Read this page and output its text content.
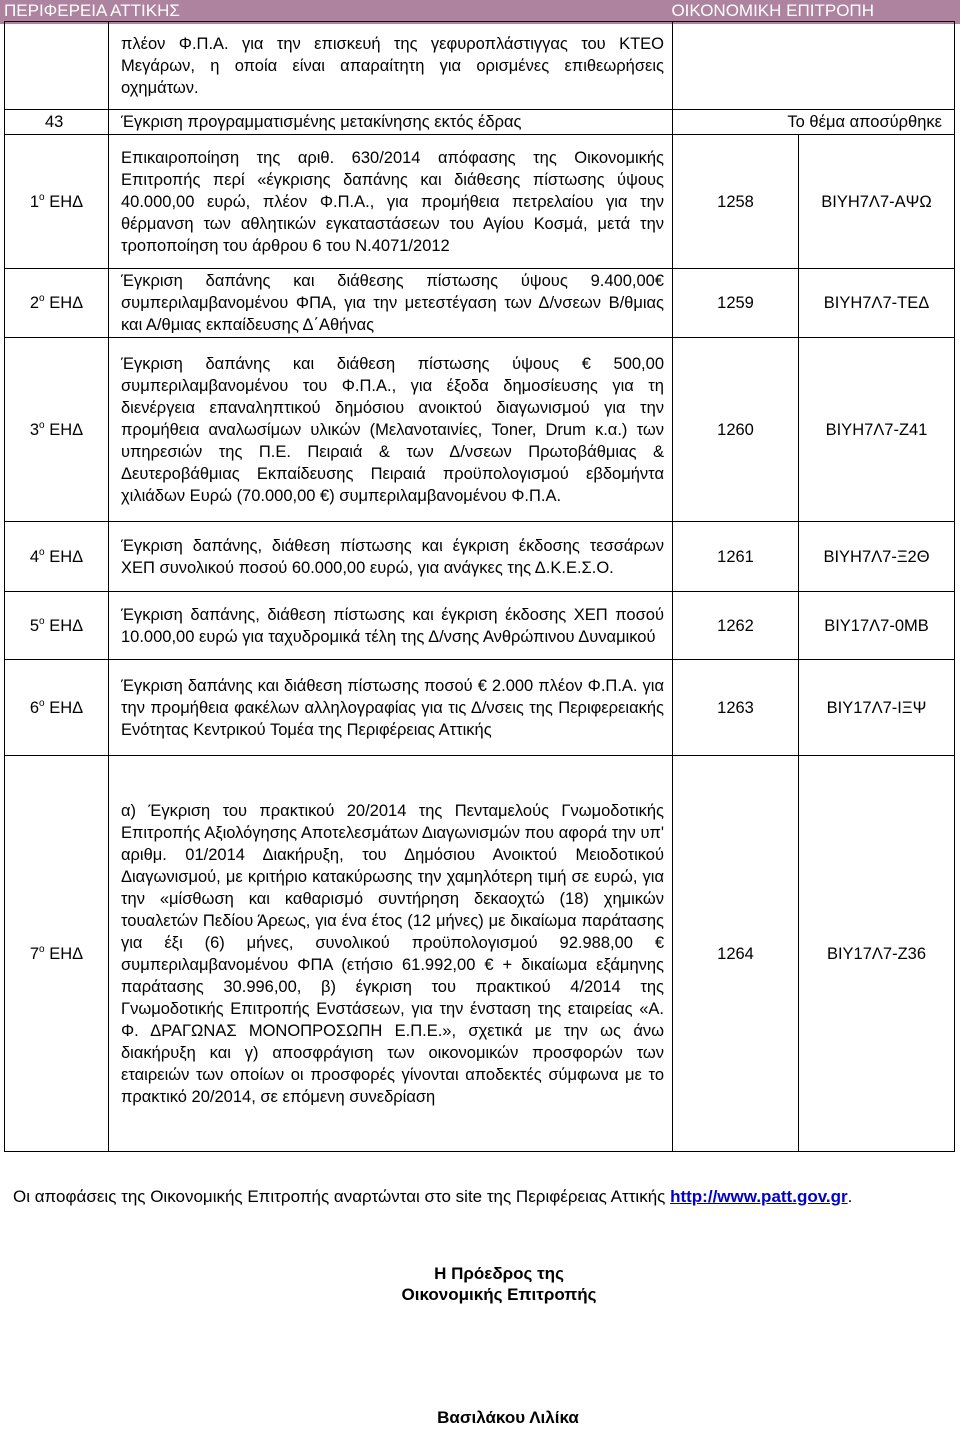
ΠΕΡΙΦΕΡΕΙΑ ΑΤΤΙΚΗΣ	ΟΙΚΟΝΟΜΙΚΗ ΕΠΙΤΡΟΠΗ
	πλέον Φ.Π.Α. για την επισκευή της γεφυροπλάστιγγας του ΚΤΕΟ Μεγάρων, η οποία είναι απαραίτητη για ορισμένες επιθεωρήσεις οχημάτων.		
43	Έγκριση προγραμματισμένης μετακίνησης εκτός έδρας	Το θέμα αποσύρθηκε	
$1^o$ ΕΗΔ	Επικαιροποίηση της αριθ. 630/2014 απόφασης της Οικονομικής Επιτροπής περί «έγκρισης δαπάνης και διάθεσης πίστωσης ύψους 40.000,00 ευρώ, πλέον Φ.Π.Α., για προμήθεια πετρελαίου για την θέρμανση των αθλητικών εγκαταστάσεων του Αγίου Κοσμά, μετά την τροποποίηση του άρθρου 6 του Ν.4071/2012	1258	ΒΙΥΗ7Λ7-ΑΨΩ
$2^o$ ΕΗΔ	Έγκριση δαπάνης και διάθεσης πίστωσης ύψους 9.400,00€ συμπεριλαμβανομένου ΦΠΑ, για την μετεστέγαση των Δ/νσεων Β/θμιας και Α/θμιας εκπαίδευσης Δ΄Αθήνας	1259	ΒΙΥΗ7Λ7-ΤΕΔ
$3^o$ ΕΗΔ	Έγκριση δαπάνης και διάθεση πίστωσης ύψους € 500,00 συμπεριλαμβανομένου του Φ.Π.Α., για έξοδα δημοσίευσης για τη διενέργεια επαναληπτικού δημόσιου ανοικτού διαγωνισμού για την προμήθεια αναλωσίμων υλικών (Μελανοταινίες, Toner, Drum κ.α.) των υπηρεσιών της Π.Ε. Πειραιά & των Δ/νσεων Πρωτοβάθμιας & Δευτεροβάθμιας Εκπαίδευσης Πειραιά προϋπολογισμού εβδομήντα χιλιάδων Ευρώ (70.000,00 €) συμπεριλαμβανομένου Φ.Π.Α.	1260	ΒΙΥΗ7Λ7-Ζ41
$4^o$ ΕΗΔ	Έγκριση δαπάνης, διάθεση πίστωσης και έγκριση έκδοσης τεσσάρων ΧΕΠ συνολικού ποσού 60.000,00 ευρώ, για ανάγκες της Δ.Κ.Ε.Σ.Ο.	1261	ΒΙΥΗ7Λ7-Ξ2Θ
$5^o$ ΕΗΔ	Έγκριση δαπάνης, διάθεση πίστωσης και έγκριση έκδοσης ΧΕΠ ποσού 10.000,00 ευρώ για ταχυδρομικά τέλη της Δ/νσης Ανθρώπινου Δυναμικού	1262	ΒΙΥ17Λ7-0ΜΒ
$6^o$ ΕΗΔ	Έγκριση δαπάνης και διάθεση πίστωσης ποσού € 2.000 πλέον Φ.Π.Α. για την προμήθεια φακέλων αλληλογραφίας για τις Δ/νσεις της Περιφερειακής Ενότητας Κεντρικού Τομέα της Περιφέρειας Αττικής	1263	ΒΙΥ17Λ7-ΙΞΨ
$7^o$ ΕΗΔ	α) Έγκριση του πρακτικού 20/2014 της Πενταμελούς Γνωμοδοτικής Επιτροπής Αξιολόγησης Αποτελεσμάτων Διαγωνισμών που αφορά την υπ' αριθμ. 01/2014 Διακήρυξη, του Δημόσιου Ανοικτού Μειοδοτικού Διαγωνισμού, με κριτήριο κατακύρωσης την χαμηλότερη τιμή σε ευρώ, για την «μίσθωση και καθαρισμό συντήρηση δεκαοχτώ (18) χημικών τουαλετών Πεδίου Άρεως, για ένα έτος (12 μήνες) με δικαίωμα παράτασης για έξι (6) μήνες, συνολικού προϋπολογισμού 92.988,00 € συμπεριλαμβανομένου ΦΠΑ (ετήσιο 61.992,00 € + δικαίωμα εξάμηνης παράτασης 30.996,00, β) έγκριση του πρακτικού 4/2014 της Γνωμοδοτικής Επιτροπής Ενστάσεων, για την ένσταση της εταιρείας «Α. Φ. ΔΡΑΓΩΝΑΣ ΜΟΝΟΠΡΟΣΩΠΗ Ε.Π.Ε.», σχετικά με την ως άνω διακήρυξη και γ) αποσφράγιση των οικονομικών προσφορών των εταιρειών των οποίων οι προσφορές γίνονται αποδεκτές σύμφωνα με το πρακτικό 20/2014, σε επόμενη συνεδρίαση	1264	ΒΙΥ17Λ7-Ζ36
Οι αποφάσεις της Οικονομικής Επιτροπής αναρτώνται στο site της Περιφέρειας Αττικής http://www.patt.gov.gr.
Η Πρόεδρος της
Οικονομικής Επιτροπής
Βασιλάκου Λιλίκα
